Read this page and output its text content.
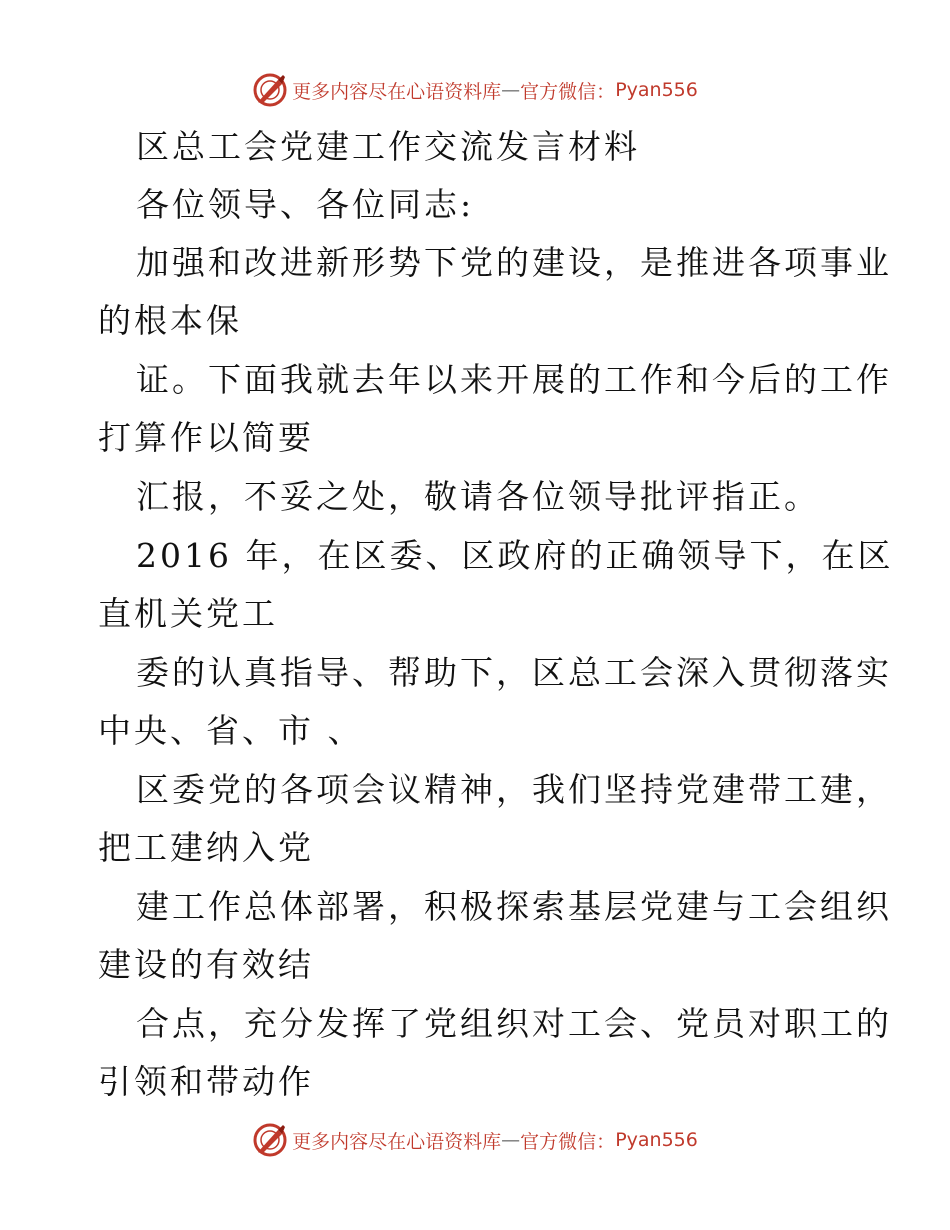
更多内容尽在心语资料库 — 官方微信： Pyan556
区总工会党建工作交流发言材料
各位领导、各位同志:
加强和改进新形势下党的建设，是推进各项事业
的根本保
证。下面我就去年以来开展的工作和今后的工作
打算作以简要
汇报，不妥之处，敬请各位领导批评指正。
2016 年，在区委、区政府的正确领导下，在区
直机关党工
委的认真指导、帮助下，区总工会深入贯彻落实
中央、省、市 、
区委党的各项会议精神，我们坚持党建带工建，
把工建纳入党
建工作总体部署，积极探索基层党建与工会组织
建设的有效结
合点，充分发挥了党组织对工会、党员对职工的
引领和带动作
更多内容尽在心语资料库 — 官方微信： Pyan556
